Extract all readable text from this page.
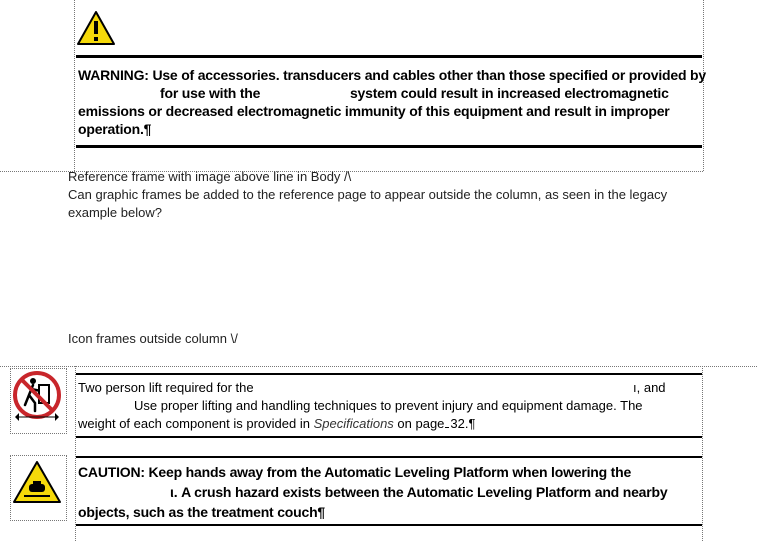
WARNING: Use of accessories. transducers and cables other than those specified or provided by
for use with the	system could result in increased electromagnetic
emissions or decreased electromagnetic immunity of this equipment and result in improper
operation.¶
Reference frame with image above line in Body /\
Can graphic frames be added to the reference page to appear outside the column, as seen in the legacy
example below?
Icon frames outside column \/
Two person lift required for the	ı, and
Use proper lifting and handling techniques to prevent injury and equipment damage. The
weight of each component is provided in Specifications on page 32.¶
CAUTION: Keep hands away from the Automatic Leveling Platform when lowering the
ι. A crush hazard exists between the Automatic Leveling Platform and nearby
objects, such as the treatment couch¶
